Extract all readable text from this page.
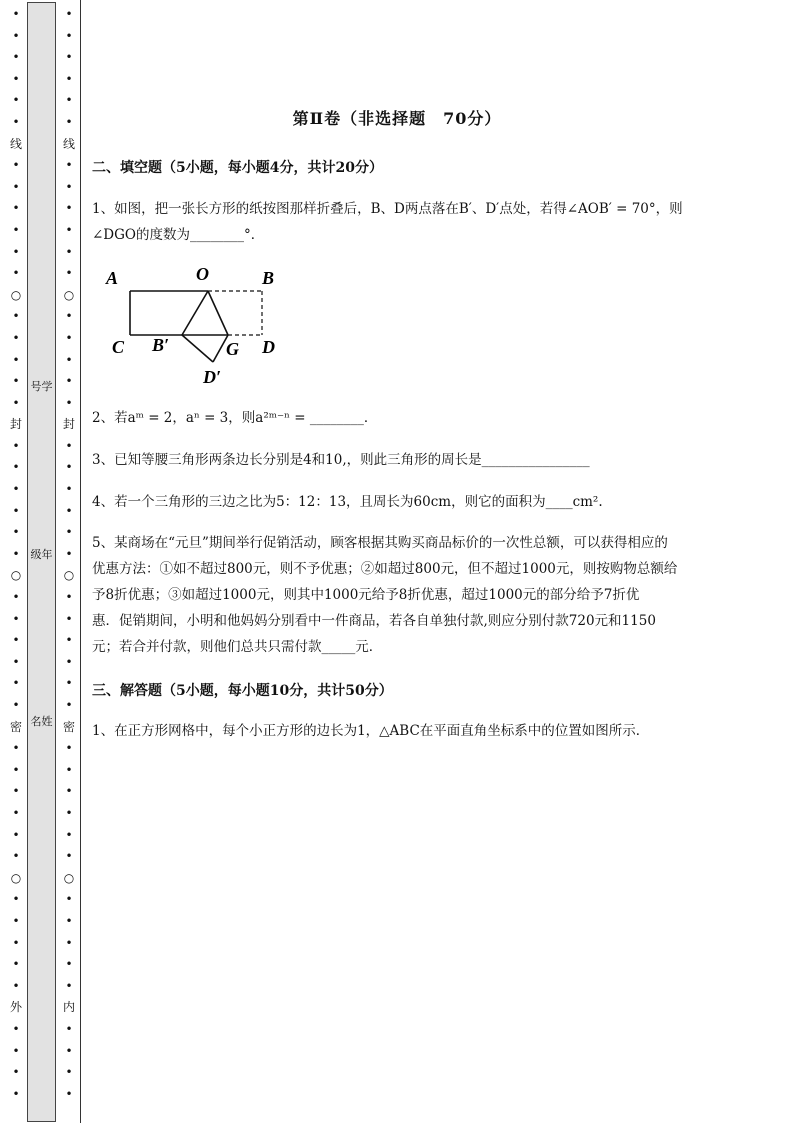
•
•
•
•
•
•
线
•
•
•
•
•
•
○
•
•
•
•
•
封
•
•
•
•
•
•
○
•
•
•
•
•
•
密
•
•
•
•
•
•
○
•
•
•
•
•
外
•
•
•
•
号学
级年
名姓
•
•
•
•
•
•
线
•
•
•
•
•
•
○
•
•
•
•
•
封
•
•
•
•
•
•
○
•
•
•
•
•
•
密
•
•
•
•
•
•
○
•
•
•
•
•
内
•
•
•
•
第Ⅱ卷（非选择题　70分）
二、填空题（5小题，每小题4分，共计20分）
1、如图，把一张长方形的纸按图那样折叠后，B、D两点落在B′、D′点处，若得∠AOB′ = 70°，则
∠DGO的度数为________°．
A	O	B
C B′	G D
D′
2、若aᵐ = 2，aⁿ = 3，则a²ᵐ⁻ⁿ = ________．
3、已知等腰三角形两条边长分别是4和10,，则此三角形的周长是________________
4、若一个三角形的三边之比为5：12：13，且周长为60cm，则它的面积为____cm².
5、某商场在“元旦”期间举行促销活动，顾客根据其购买商品标价的一次性总额，可以获得相应的
优惠方法：①如不超过800元，则不予优惠；②如超过800元，但不超过1000元，则按购物总额给
予8折优惠；③如超过1000元，则其中1000元给予8折优惠，超过1000元的部分给予7折优
惠．促销期间，小明和他妈妈分别看中一件商品，若各自单独付款,则应分别付款720元和1150
元；若合并付款，则他们总共只需付款_____元．
三、解答题（5小题，每小题10分，共计50分）
1、在正方形网格中，每个小正方形的边长为1，△ABC在平面直角坐标系中的位置如图所示．
